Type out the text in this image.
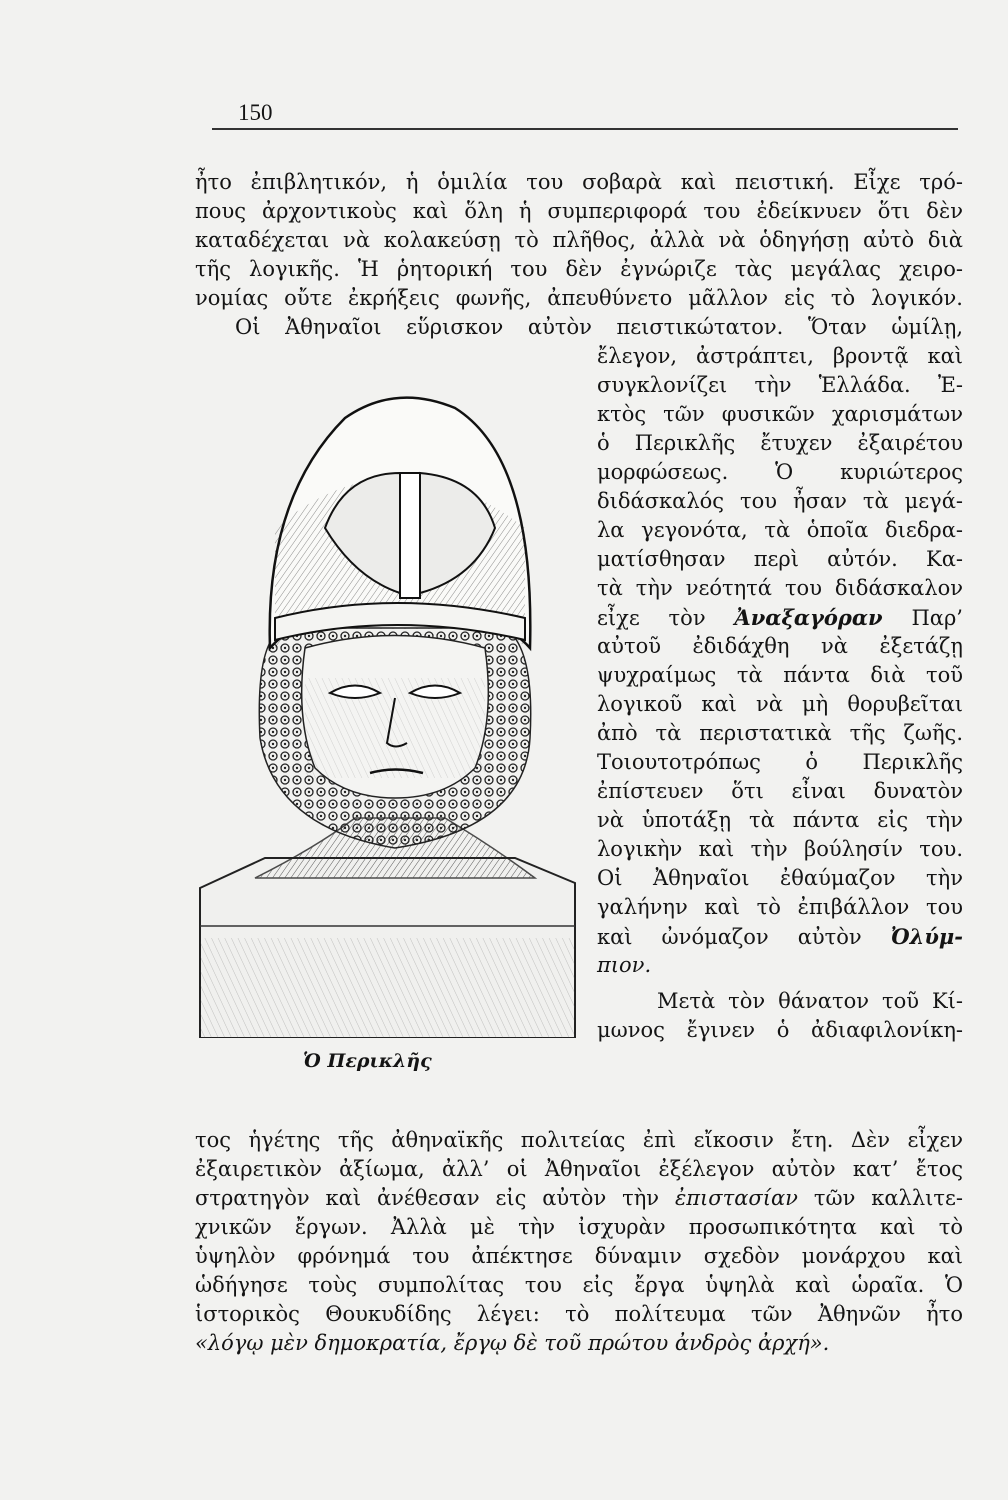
150

ἦτο ἐπιβλητικόν, ἡ ὁμιλία του σοβαρὰ καὶ πειστική. Εἶχε τρό-

πους ἀρχοντικοὺς καὶ ὅλη ἡ συμπεριφορά του ἐδείκνυεν ὅτι δὲν

καταδέχεται νὰ κολακεύσῃ τὸ πλῆθος, ἀλλὰ νὰ ὁδηγήσῃ αὐτὸ διὰ

τῆς λογικῆς. Ἡ ῥητορική του δὲν ἐγνώριζε τὰς μεγάλας χειρο-

νομίας οὔτε ἐκρήξεις φωνῆς, ἀπευθύνετο μᾶλλον εἰς τὸ λογικόν.

Οἱ Ἀθηναῖοι εὕρισκον αὐτὸν πειστικώτατον. Ὅταν ὡμίλῃ,

ἔλεγον, ἀστράπτει, βροντᾷ καὶ

συγκλονίζει τὴν Ἑλλάδα. Ἐ-

κτὸς τῶν φυσικῶν χαρισμάτων

ὁ Περικλῆς ἔτυχεν ἐξαιρέτου

μορφώσεως. Ὁ κυριώτερος

διδάσκαλός του ἦσαν τὰ μεγά-

λα γεγονότα, τὰ ὁποῖα διεδρα-

ματίσθησαν περὶ αὐτόν. Κα-

τὰ τὴν νεότητά του διδάσκαλον

εἶχε τὸν Ἀναξαγόραν Παρ’

αὐτοῦ ἐδιδάχθη νὰ ἐξετάζῃ

ψυχραίμως τὰ πάντα διὰ τοῦ

λογικοῦ καὶ νὰ μὴ θορυβεῖται

ἀπὸ τὰ περιστατικὰ τῆς ζωῆς.

Τοιουτοτρόπως ὁ Περικλῆς

ἐπίστευεν ὅτι εἶναι δυνατὸν

νὰ ὑποτάξῃ τὰ πάντα εἰς τὴν

λογικὴν καὶ τὴν βούλησίν του.

Οἱ Ἀθηναῖοι ἐθαύμαζον τὴν

γαλήνην καὶ τὸ ἐπιβάλλον του

καὶ ὠνόμαζον αὐτὸν Ὀλύμ-

πιον.

Μετὰ τὸν θάνατον τοῦ Κί-

μωνος ἔγινεν ὁ ἀδιαφιλονίκη-

Ὁ Περικλῆς

τος ἡγέτης τῆς ἀθηναϊκῆς πολιτείας ἐπὶ εἴκοσιν ἔτη. Δὲν εἶχεν

ἐξαιρετικὸν ἀξίωμα, ἀλλ’ οἱ Ἀθηναῖοι ἐξέλεγον αὐτὸν κατ’ ἔτος

στρατηγὸν καὶ ἀνέθεσαν εἰς αὐτὸν τὴν ἐπιστασίαν τῶν καλλιτε-

χνικῶν ἔργων. Ἀλλὰ μὲ τὴν ἰσχυρὰν προσωπικότητα καὶ τὸ

ὑψηλὸν φρόνημά του ἀπέκτησε δύναμιν σχεδὸν μονάρχου καὶ

ὡδήγησε τοὺς συμπολίτας του εἰς ἔργα ὑψηλὰ καὶ ὡραῖα. Ὁ

ἱστορικὸς Θουκυδίδης λέγει: τὸ πολίτευμα τῶν Ἀθηνῶν ἦτο

«λόγῳ μὲν δημοκρατία, ἔργῳ δὲ τοῦ πρώτου ἀνδρὸς ἀρχή».
